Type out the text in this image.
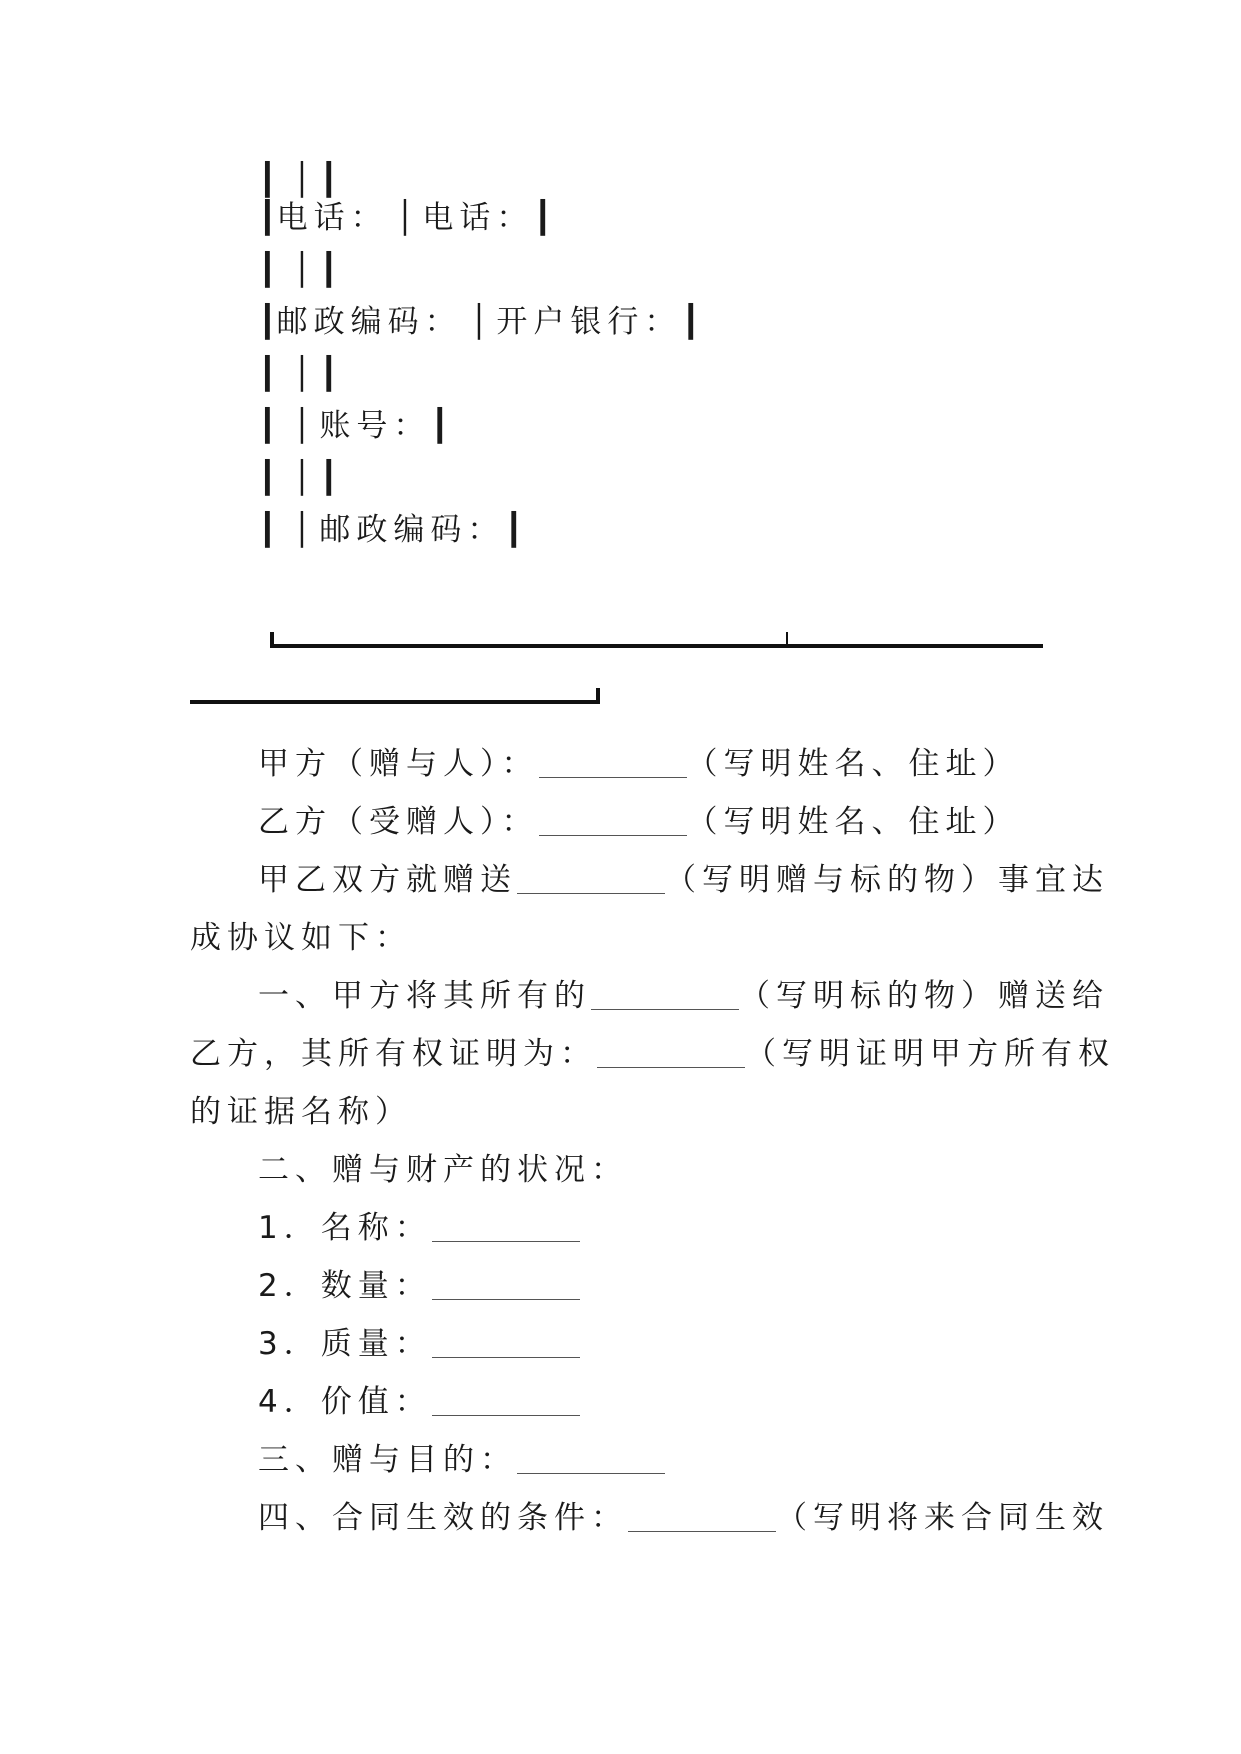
┃ │ ┃
┃电话： │ 电话：┃
┃ │ ┃
┃邮政编码： │ 开户银行：┃
┃ │ ┃
┃ │ 账号：┃
┃ │ ┃
┃ │ 邮政编码：┃
甲方（赠与人）：	（写明姓名、住址）
乙方（受赠人）：	（写明姓名、住址）
甲乙双方就赠送	（写明赠与标的物）事宜达
成协议如下：
一、甲方将其所有的	（写明标的物）赠送给
乙方，其所有权证明为：	（写明证明甲方所有权
的证据名称）
二、赠与财产的状况：
1．名称：
2．数量：
3．质量：
4．价值：
三、赠与目的：
四、合同生效的条件：	（写明将来合同生效
